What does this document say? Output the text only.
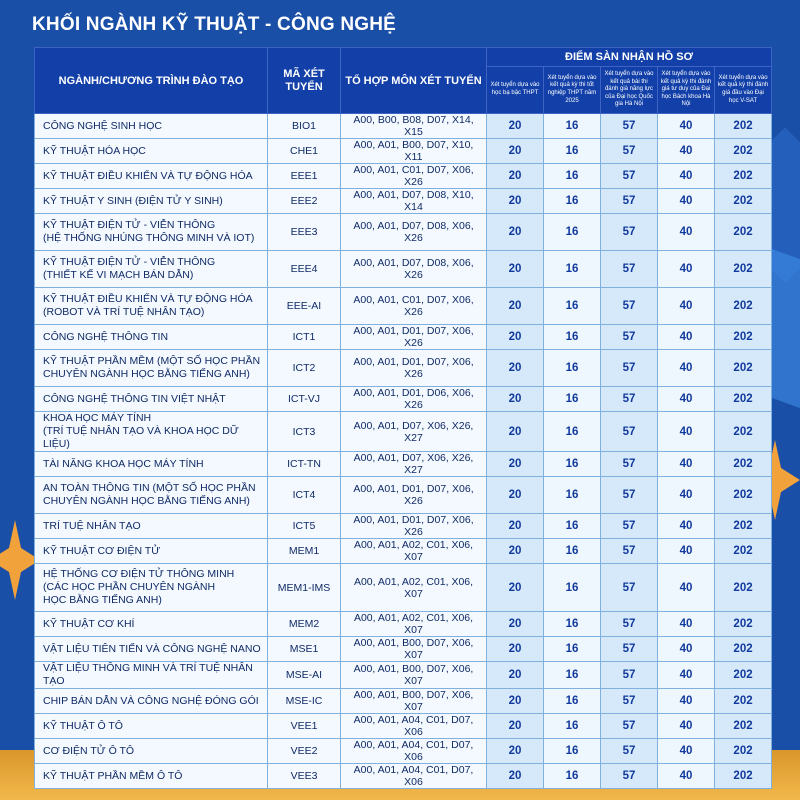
KHỐI NGÀNH KỸ THUẬT - CÔNG NGHỆ
NGÀNH/CHƯƠNG TRÌNH ĐÀO TẠO	MÃ XÉT TUYỂN	TỔ HỢP MÔN XÉT TUYỂN	ĐIỂM SÀN NHẬN HỒ SƠ				
			Xét tuyển dựa vào học bạ bậc THPT	Xét tuyển dựa vào kết quả kỳ thi tốt nghiệp THPT năm 2025	Xét tuyển dựa vào kết quả bài thi đánh giá năng lực của Đại học Quốc gia Hà Nội	Xét tuyển dựa vào kết quả kỳ thi đánh giá tư duy của Đại học Bách khoa Hà Nội	Xét tuyển dựa vào kết quả kỳ thi đánh giá đầu vào Đại học V-SAT

CÔNG NGHỆ SINH HỌC	BIO1	A00, B00, B08, D07, X14, X15	20	16	57	40	202

KỸ THUẬT HÓA HỌC	CHE1	A00, A01, B00, D07, X10, X11	20	16	57	40	202

KỸ THUẬT ĐIỀU KHIỂN VÀ TỰ ĐỘNG HÓA	EEE1	A00, A01, C01, D07, X06, X26	20	16	57	40	202

KỸ THUẬT Y SINH (ĐIỆN TỬ Y SINH)	EEE2	A00, A01, D07, D08, X10, X14	20	16	57	40	202

KỸ THUẬT ĐIỆN TỬ - VIỄN THÔNG
(HỆ THỐNG NHÚNG THÔNG MINH VÀ IOT)	EEE3	A00, A01, D07, D08, X06, X26	20	16	57	40	202

KỸ THUẬT ĐIỆN TỬ - VIỄN THÔNG
(THIẾT KẾ VI MẠCH BÁN DẪN)	EEE4	A00, A01, D07, D08, X06, X26	20	16	57	40	202

KỸ THUẬT ĐIỀU KHIỂN VÀ TỰ ĐỘNG HÓA
(ROBOT VÀ TRÍ TUỆ NHÂN TẠO)	EEE-AI	A00, A01, C01, D07, X06, X26	20	16	57	40	202

CÔNG NGHỆ THÔNG TIN	ICT1	A00, A01, D01, D07, X06, X26	20	16	57	40	202

KỸ THUẬT PHẦN MỀM (MỘT SỐ HỌC PHẦN
CHUYÊN NGÀNH HỌC BẰNG TIẾNG ANH)	ICT2	A00, A01, D01, D07, X06, X26	20	16	57	40	202

CÔNG NGHỆ THÔNG TIN VIỆT NHẬT	ICT-VJ	A00, A01, D01, D06, X06, X26	20	16	57	40	202

KHOA HỌC MÁY TÍNH
(TRÍ TUỆ NHÂN TẠO VÀ KHOA HỌC DỮ LIỆU)	ICT3	A00, A01, D07, X06, X26, X27	20	16	57	40	202

TÀI NĂNG KHOA HỌC MÁY TÍNH	ICT-TN	A00, A01, D07, X06, X26, X27	20	16	57	40	202

AN TOÀN THÔNG TIN (MỘT SỐ HỌC PHẦN
CHUYÊN NGÀNH HỌC BẰNG TIẾNG ANH)	ICT4	A00, A01, D01, D07, X06, X26	20	16	57	40	202

TRÍ TUỆ NHÂN TẠO	ICT5	A00, A01, D01, D07, X06, X26	20	16	57	40	202

KỸ THUẬT CƠ ĐIỆN TỬ	MEM1	A00, A01, A02, C01, X06, X07	20	16	57	40	202

HỆ THỐNG CƠ ĐIỆN TỬ THÔNG MINH
(CÁC HỌC PHẦN CHUYÊN NGÀNH
HỌC BẰNG TIẾNG ANH)	MEM1-IMS	A00, A01, A02, C01, X06, X07	20	16	57	40	202

KỸ THUẬT CƠ KHÍ	MEM2	A00, A01, A02, C01, X06, X07	20	16	57	40	202

VẬT LIỆU TIÊN TIẾN VÀ CÔNG NGHỆ NANO	MSE1	A00, A01, B00, D07, X06, X07	20	16	57	40	202

VẬT LIỆU THÔNG MINH VÀ TRÍ TUỆ NHÂN TẠO	MSE-AI	A00, A01, B00, D07, X06, X07	20	16	57	40	202

CHIP BÁN DẪN VÀ CÔNG NGHỆ ĐÓNG GÓI	MSE-IC	A00, A01, B00, D07, X06, X07	20	16	57	40	202

KỸ THUẬT Ô TÔ	VEE1	A00, A01, A04, C01, D07, X06	20	16	57	40	202

CƠ ĐIỆN TỬ Ô TÔ	VEE2	A00, A01, A04, C01, D07, X06	20	16	57	40	202

KỸ THUẬT PHẦN MỀM Ô TÔ	VEE3	A00, A01, A04, C01, D07, X06	20	16	57	40	202
